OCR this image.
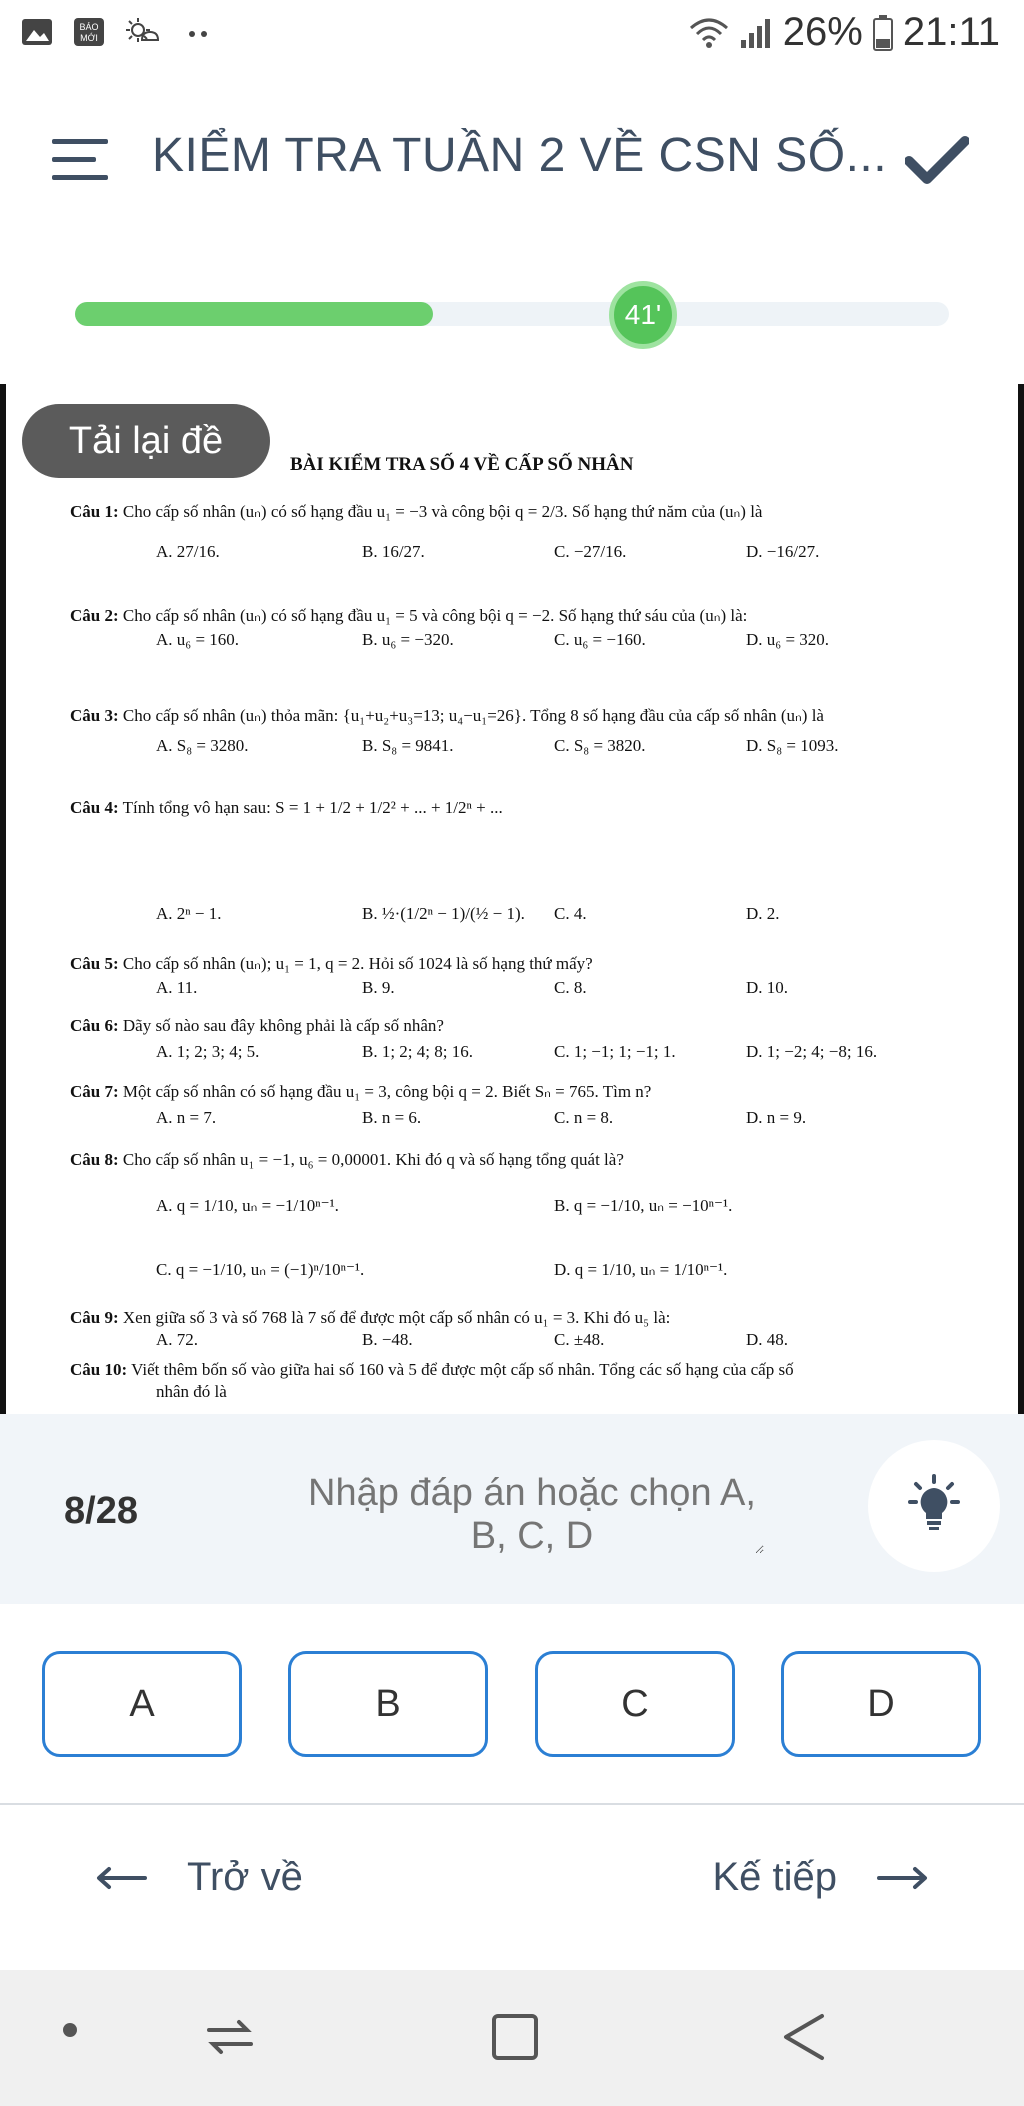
BÁO
MỚI	26% 21:11
KIỂM TRA TUẦN 2 VỀ CSN SỐ...
41'
BÀI KIỂM TRA SỐ 4 VỀ CẤP SỐ NHÂN
Câu 1: Cho cấp số nhân (uₙ) có số hạng đầu u₁ = −3 và công bội q = 2/3. Số hạng thứ năm của (uₙ) là
A. 27/16.	B. 16/27.	C. −27/16.	D. −16/27.
Câu 2: Cho cấp số nhân (uₙ) có số hạng đầu u₁ = 5 và công bội q = −2. Số hạng thứ sáu của (uₙ) là:
A. u₆ = 160.	B. u₆ = −320.	C. u₆ = −160.	D. u₆ = 320.
Câu 3: Cho cấp số nhân (uₙ) thỏa mãn: {u₁+u₂+u₃=13; u₄−u₁=26}. Tổng 8 số hạng đầu của cấp số nhân (uₙ) là
A. S₈ = 3280.	B. S₈ = 9841.	C. S₈ = 3820.	D. S₈ = 1093.
Câu 4: Tính tổng vô hạn sau: S = 1 + 1/2 + 1/2² + ... + 1/2ⁿ + ...
A. 2ⁿ − 1.	B. ½·(1/2ⁿ − 1)/(½ − 1). C. 4.	D. 2.
Câu 5: Cho cấp số nhân (uₙ); u₁ = 1, q = 2. Hỏi số 1024 là số hạng thứ mấy?
A. 11.	B. 9.	C. 8.	D. 10.
Câu 6: Dãy số nào sau đây không phải là cấp số nhân?
A. 1; 2; 3; 4; 5.	B. 1; 2; 4; 8; 16.	C. 1; −1; 1; −1; 1.	D. 1; −2; 4; −8; 16.
Câu 7: Một cấp số nhân có số hạng đầu u₁ = 3, công bội q = 2. Biết Sₙ = 765. Tìm n?
A. n = 7.	B. n = 6.	C. n = 8.	D. n = 9.
Câu 8: Cho cấp số nhân u₁ = −1, u₆ = 0,00001. Khi đó q và số hạng tổng quát là?
A. q = 1/10, uₙ = −1/10ⁿ⁻¹.	B. q = −1/10, uₙ = −10ⁿ⁻¹.
C. q = −1/10, uₙ = (−1)ⁿ/10ⁿ⁻¹.	D. q = 1/10, uₙ = 1/10ⁿ⁻¹.
Câu 9: Xen giữa số 3 và số 768 là 7 số để được một cấp số nhân có u₁ = 3. Khi đó u₅ là:
A. 72.	B. −48.	C. ±48.	D. 48.
Câu 10: Viết thêm bốn số vào giữa hai số 160 và 5 để được một cấp số nhân. Tổng các số hạng của cấp số
nhân đó là
Tải lại đề
8/28
Nhập đáp án hoặc chọn A, B, C, D
A	B	C	D
Trở về	Kế tiếp
